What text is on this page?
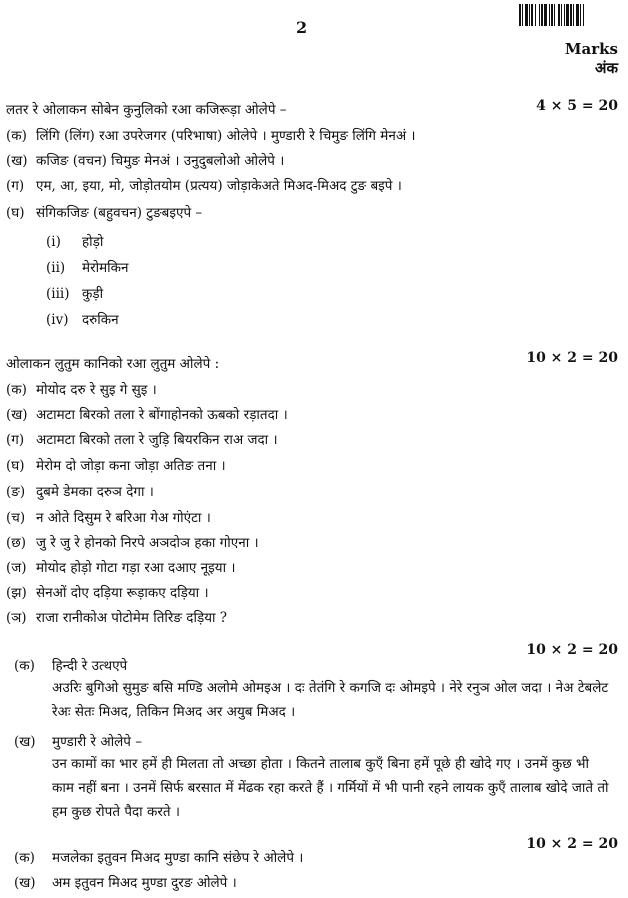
2
Marks
अंक
लतर रे ओलाकन सोबेन कुनुलिको रआ कजिरूड़ा ओलेपे –	4 × 5 = 20
(क) लिंगि (लिंग) रआ उपरेजगर (परिभाषा) ओलेपे । मुण्डारी रे चिमुङ लिंगि मेनअं ।
(ख) कजिङ (वचन) चिमुङ मेनअं । उनुदुबलोओ ओलेपे ।
(ग) एम, आ, इया, मो, जोड़ोतयोम (प्रत्यय) जोड़ाकेअते मिअद-मिअद टुङ बइपे ।
(घ) संगिकजिङ (बहुवचन) टुङबइएपे –
(i) होड़ो
(ii) मेरोमकिन
(iii) कुड़ी
(iv) दरुकिन
ओलाकन लुतुम कानिको रआ लुतुम ओलेपे :	10 × 2 = 20
(क) मोयोद दरु रे सुइ गे सुइ ।
(ख) अटामटा बिरको तला रे बोंगाहोनको ऊबको रड़ातदा ।
(ग) अटामटा बिरको तला रे जुड़ि बियरकिन राअ जदा ।
(घ) मेरोम दो जोड़ा कना जोड़ा अतिङ तना ।
(ङ) दुबमे डेमका दरुञ देगा ।
(च) न ओते दिसुम रे बरिआ गेअ गोएंटा ।
(छ) जु रे जु रे होनको निरपे अञदोञ हका गोएना ।
(ज) मोयोद होड़ो गोटा गड़ा रआ दआए नूइया ।
(झ) सेनओं दोए दड़िया रूड़ाकए दड़िया ।
(ञ) राजा रानीकोअ पोटोमेम तिरिङ दड़िया ?
10 × 2 = 20
(क) हिन्दी रे उत्थएपे
अउरिः बुगिओ सुमुङ बसि मण्डि अलोमे ओमइअ । दः तेतंगि रे कगजि दः ओमइपे । नेरे रनुञ ओल जदा । नेअ टेबलेट रेअः सेतः मिअद, तिकिन मिअद अर अयुब मिअद ।
(ख) मुण्डारी रे ओलेपे –
उन कामों का भार हमें ही मिलता तो अच्छा होता । कितने तालाब कुएँ बिना हमें पूछे ही खोदे गए । उनमें कुछ भी काम नहीं बना । उनमें सिर्फ बरसात में मेंढक रहा करते हैं । गर्मियों में भी पानी रहने लायक कुएँ तालाब खोदे जाते तो हम कुछ रोपते पैदा करते ।
10 × 2 = 20
(क) मजलेका इतुवन मिअद मुण्डा कानि संछेप रे ओलेपे ।
(ख) अम इतुवन मिअद मुण्डा दुरङ ओलेपे ।
